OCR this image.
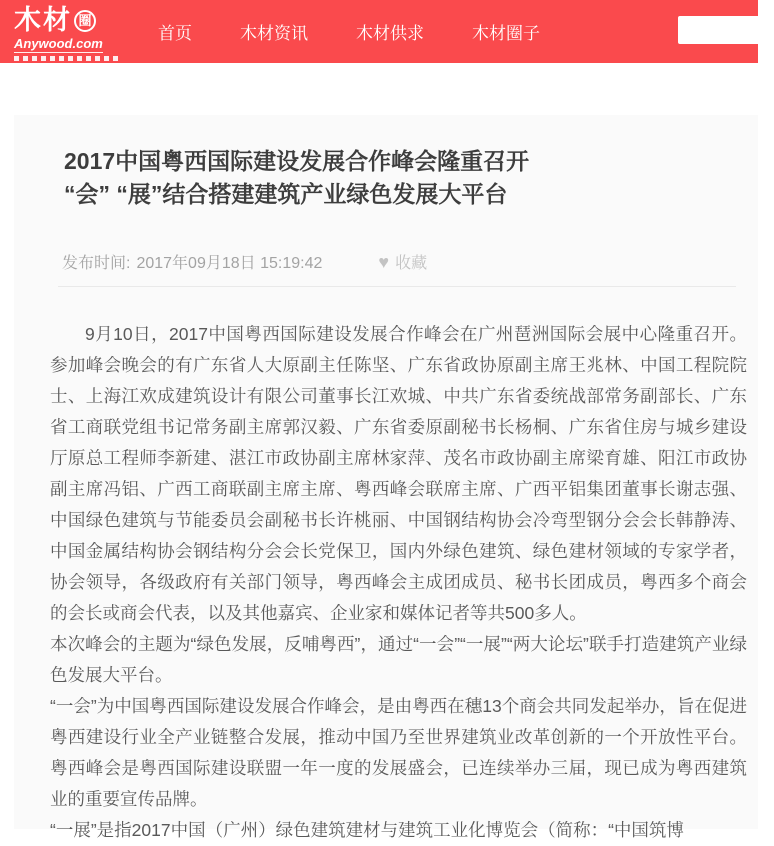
木材 圈
Anywood.com
首页	木材资讯	木材供求	木材圈子
2017中国粤西国际建设发展合作峰会隆重召开
“会” “展”结合搭建建筑产业绿色发展大平台
发布时间: 2017年09月18日 15:19:42	♥ 收藏

9月10日，2017中国粤西国际建设发展合作峰会在广州琶洲国际会展中心隆重召开。参加峰会晚会的有广东省人大原副主任陈坚、广东省政协原副主席王兆林、中国工程院院士、上海江欢成建筑设计有限公司董事长江欢城、中共广东省委统战部常务副部长、广东省工商联党组书记常务副主席郭汉毅、广东省委原副秘书长杨桐、广东省住房与城乡建设厅原总工程师李新建、湛江市政协副主席林家萍、茂名市政协副主席梁育雄、阳江市政协副主席冯铝、广西工商联副主席主席、粤西峰会联席主席、广西平铝集团董事长谢志强、中国绿色建筑与节能委员会副秘书长许桃丽、中国钢结构协会冷弯型钢分会会长韩静涛、中国金属结构协会钢结构分会会长党保卫，国内外绿色建筑、绿色建材领域的专家学者，协会领导，各级政府有关部门领导，粤西峰会主成团成员、秘书长团成员，粤西多个商会的会长或商会代表，以及其他嘉宾、企业家和媒体记者等共500多人。

本次峰会的主题为“绿色发展，反哺粤西”，通过“一会”“一展”“两大论坛”联手打造建筑产业绿色发展大平台。

“一会”为中国粤西国际建设发展合作峰会，是由粤西在穗13个商会共同发起举办，旨在促进粤西建设行业全产业链整合发展，推动中国乃至世界建筑业改革创新的一个开放性平台。粤西峰会是粤西国际建设联盟一年一度的发展盛会，已连续举办三届，现已成为粤西建筑业的重要宣传品牌。

“一展”是指2017中国（广州）绿色建筑建材与建筑工业化博览会（简称：“中国筑博
